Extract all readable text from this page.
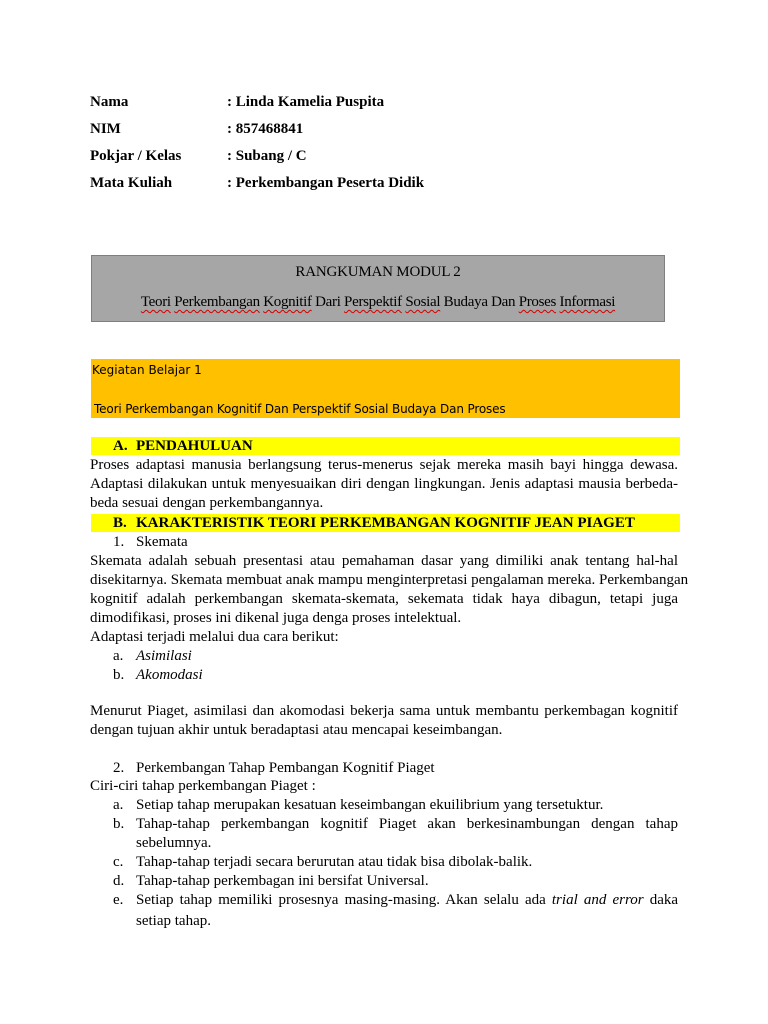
Nama	: Linda Kamelia Puspita
NIM	: 857468841
Pokjar / Kelas	: Subang / C
Mata Kuliah	: Perkembangan Peserta Didik
RANGKUMAN MODUL 2
Teori Perkembangan Kognitif Dari Perspektif Sosial Budaya Dan Proses Informasi
Kegiatan Belajar 1
Teori Perkembangan Kognitif Dan Perspektif Sosial Budaya Dan Proses
A. PENDAHULUAN
Proses adaptasi manusia berlangsung terus-menerus sejak mereka masih bayi hingga dewasa.
Adaptasi dilakukan untuk menyesuaikan diri dengan lingkungan. Jenis adaptasi mausia berbeda-
beda sesuai dengan perkembangannya.
B. KARAKTERISTIK TEORI PERKEMBANGAN KOGNITIF JEAN PIAGET
1. Skemata
Skemata adalah sebuah presentasi atau pemahaman dasar yang dimiliki anak tentang hal-hal
disekitarnya. Skemata membuat anak mampu menginterpretasi pengalaman mereka. Perkembangan
kognitif adalah perkembangan skemata-skemata, sekemata tidak haya dibagun, tetapi juga
dimodifikasi, proses ini dikenal juga denga proses intelektual.
Adaptasi terjadi melalui dua cara berikut:
a. Asimilasi
b. Akomodasi
Menurut Piaget, asimilasi dan akomodasi bekerja sama untuk membantu perkembagan kognitif
dengan tujuan akhir untuk beradaptasi atau mencapai keseimbangan.
2. Perkembangan Tahap Pembangan Kognitif Piaget
Ciri-ciri tahap perkembangan Piaget :
a. Setiap tahap merupakan kesatuan keseimbangan ekuilibrium yang tersetuktur.
b. Tahap-tahap perkembangan kognitif Piaget akan berkesinambungan dengan tahap
sebelumnya.
c. Tahap-tahap terjadi secara berurutan atau tidak bisa dibolak-balik.
d. Tahap-tahap perkembagan ini bersifat Universal.
e. Setiap tahap memiliki prosesnya masing-masing. Akan selalu ada trial and error daka
setiap tahap.
